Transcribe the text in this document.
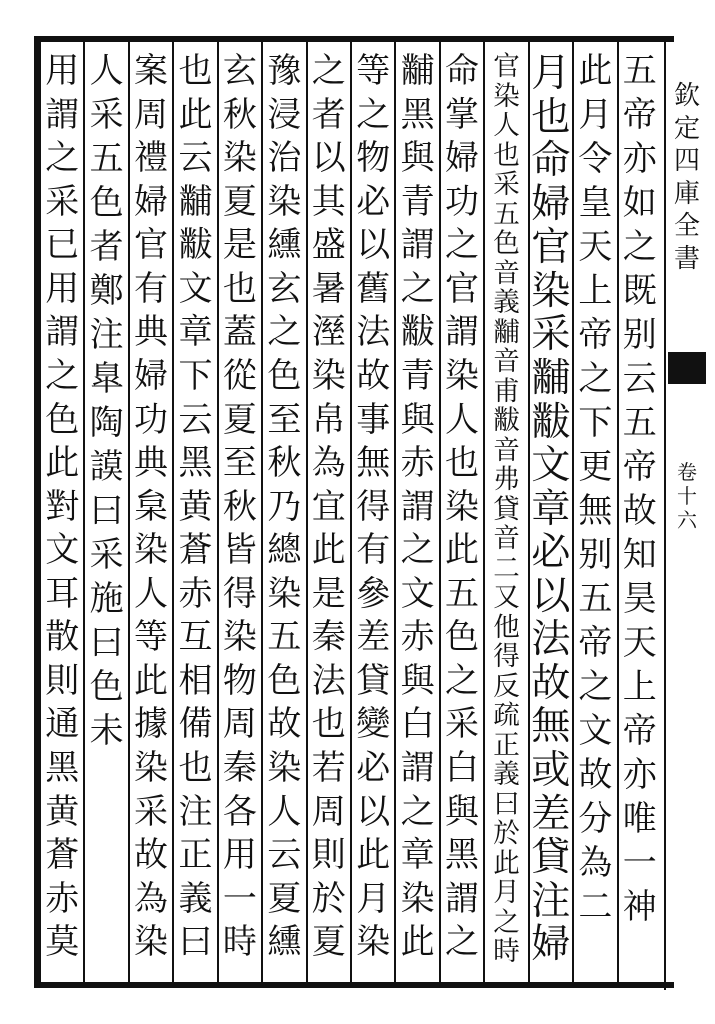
五
帝
亦
如
之
既
别
云
五
帝
故
知
昊
天
上
帝
亦
唯
一
神
此
月
令
皇
天
上
帝
之
下
更
無
别
五
帝
之
文
故
分
為
二
月
也
命
婦
官
染
采
黼
黻
文
章
必
以
法
故
無
或
差
貸
注
婦
官
染
人
也
采
五
色
音
義
黼
音
甫
黻
音
弗
貸
音
二
又
他
得
反
疏
正
義
曰
於
此
月
之
時
命
掌
婦
功
之
官
謂
染
人
也
染
此
五
色
之
采
白
與
黑
謂
之
黼
黑
與
青
謂
之
黻
青
與
赤
謂
之
文
赤
與
白
謂
之
章
染
此
等
之
物
必
以
舊
法
故
事
無
得
有
參
差
貸
變
必
以
此
月
染
之
者
以
其
盛
暑
溼
染
帛
為
宜
此
是
秦
法
也
若
周
則
於
夏
豫
浸
治
染
纁
玄
之
色
至
秋
乃
總
染
五
色
故
染
人
云
夏
纁
玄
秋
染
夏
是
也
蓋
從
夏
至
秋
皆
得
染
物
周
秦
各
用
一
時
也
此
云
黼
黻
文
章
下
云
黑
黄
蒼
赤
互
相
備
也
注
正
義
曰
案
周
禮
婦
官
有
典
婦
功
典
枲
染
人
等
此
據
染
采
故
為
染
人
采
五
色
者
鄭
注
臯
陶
謨
曰
采
施
曰
色
未
用
謂
之
采
已
用
謂
之
色
此
對
文
耳
散
則
通
黑
黄
蒼
赤
莫
欽
定
四
庫
全
書
卷
十
六
